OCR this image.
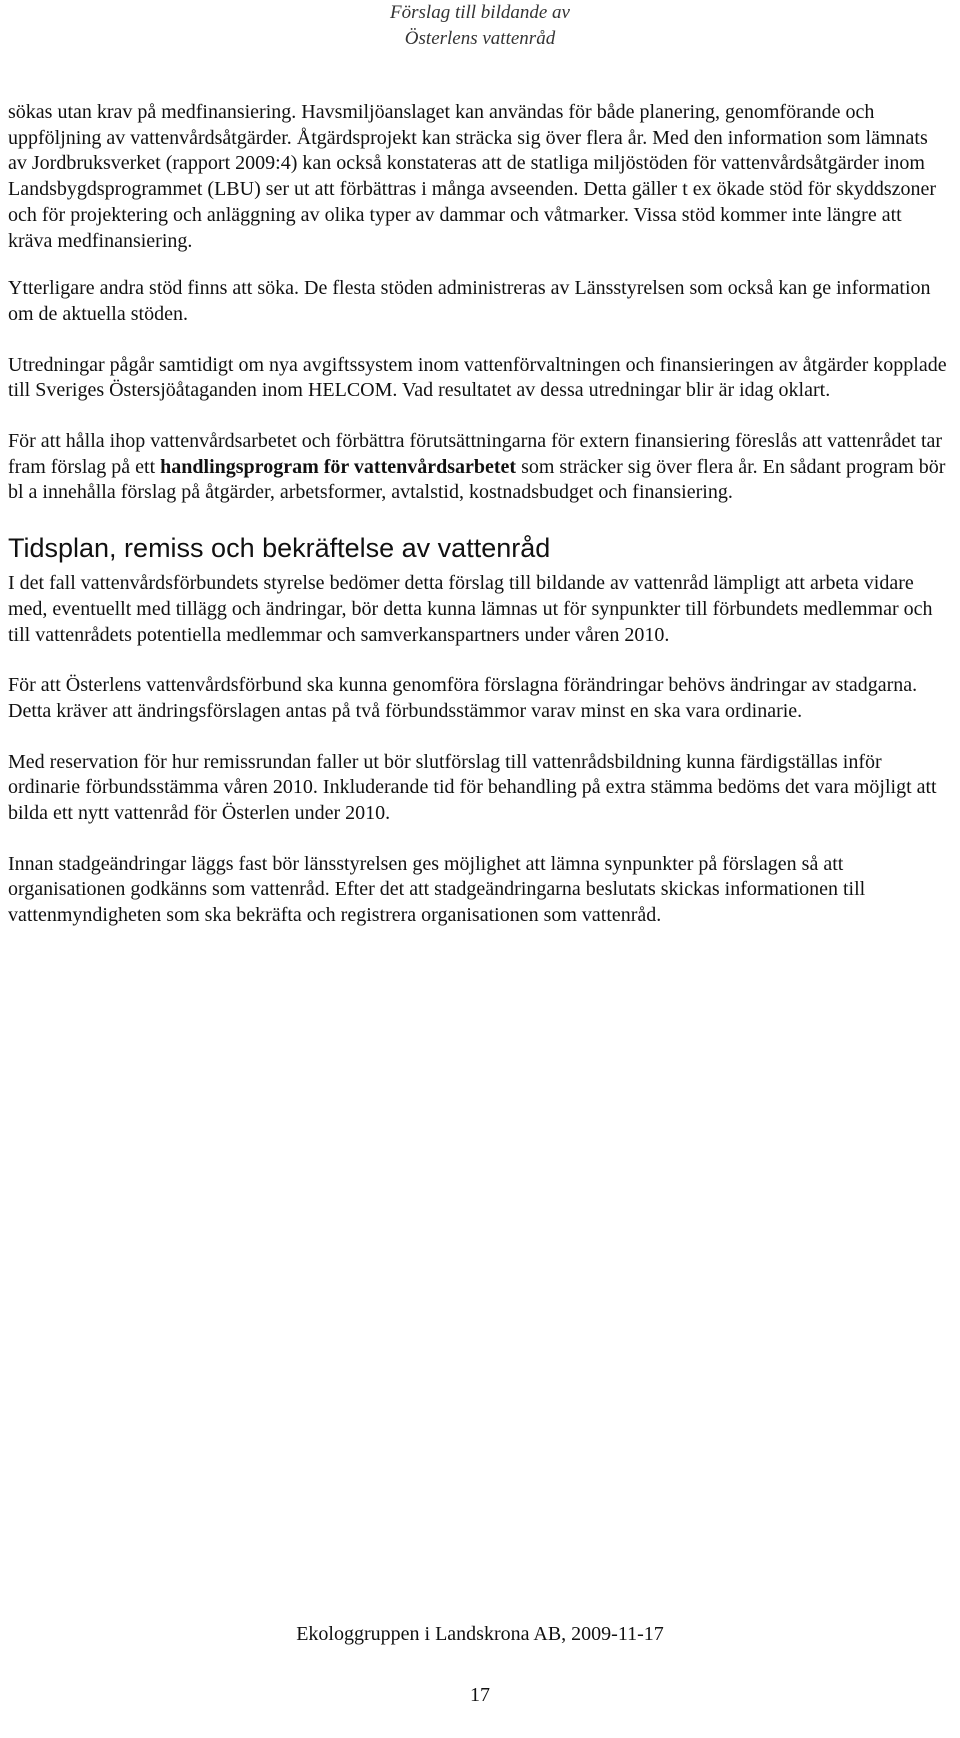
Förslag till bildande av
Österlens vattenråd

sökas utan krav på medfinansiering. Havsmiljöanslaget kan användas för både planering, genomförande och uppföljning av vattenvårdsåtgärder. Åtgärdsprojekt kan sträcka sig över flera år. Med den information som lämnats av Jordbruksverket (rapport 2009:4) kan också konstateras att de statliga miljöstöden för vattenvårdsåtgärder inom Landsbygdsprogrammet (LBU) ser ut att förbättras i många avseenden. Detta gäller t ex ökade stöd för skyddszoner och för projektering och anläggning av olika typer av dammar och våtmarker. Vissa stöd kommer inte längre att kräva medfinansiering.

Ytterligare andra stöd finns att söka. De flesta stöden administreras av Länsstyrelsen som också kan ge information om de aktuella stöden.

Utredningar pågår samtidigt om nya avgiftssystem inom vattenförvaltningen och finansieringen av åtgärder kopplade till Sveriges Östersjöåtaganden inom HELCOM. Vad resultatet av dessa utredningar blir är idag oklart.

För att hålla ihop vattenvårdsarbetet och förbättra förutsättningarna för extern finansiering föreslås att vattenrådet tar fram förslag på ett handlingsprogram för vattenvårdsarbetet som sträcker sig över flera år. En sådant program bör bl a innehålla förslag på åtgärder, arbetsformer, avtalstid, kostnadsbudget och finansiering.

Tidsplan, remiss och bekräftelse av vattenråd

I det fall vattenvårdsförbundets styrelse bedömer detta förslag till bildande av vattenråd lämpligt att arbeta vidare med, eventuellt med tillägg och ändringar, bör detta kunna lämnas ut för synpunkter till förbundets medlemmar och till vattenrådets potentiella medlemmar och samverkanspartners under våren 2010.

För att Österlens vattenvårdsförbund ska kunna genomföra förslagna förändringar behövs ändringar av stadgarna. Detta kräver att ändringsförslagen antas på två förbundsstämmor varav minst en ska vara ordinarie.

Med reservation för hur remissrundan faller ut bör slutförslag till vattenrådsbildning kunna färdigställas inför ordinarie förbundsstämma våren 2010. Inkluderande tid för behandling på extra stämma bedöms det vara möjligt att bilda ett nytt vattenråd för Österlen under 2010.

Innan stadgeändringar läggs fast bör länsstyrelsen ges möjlighet att lämna synpunkter på förslagen så att organisationen godkänns som vattenråd. Efter det att stadgeändringarna beslutats skickas informationen till vattenmyndigheten som ska bekräfta och registrera organisationen som vattenråd.

Ekologgruppen i Landskrona AB, 2009-11-17
17
